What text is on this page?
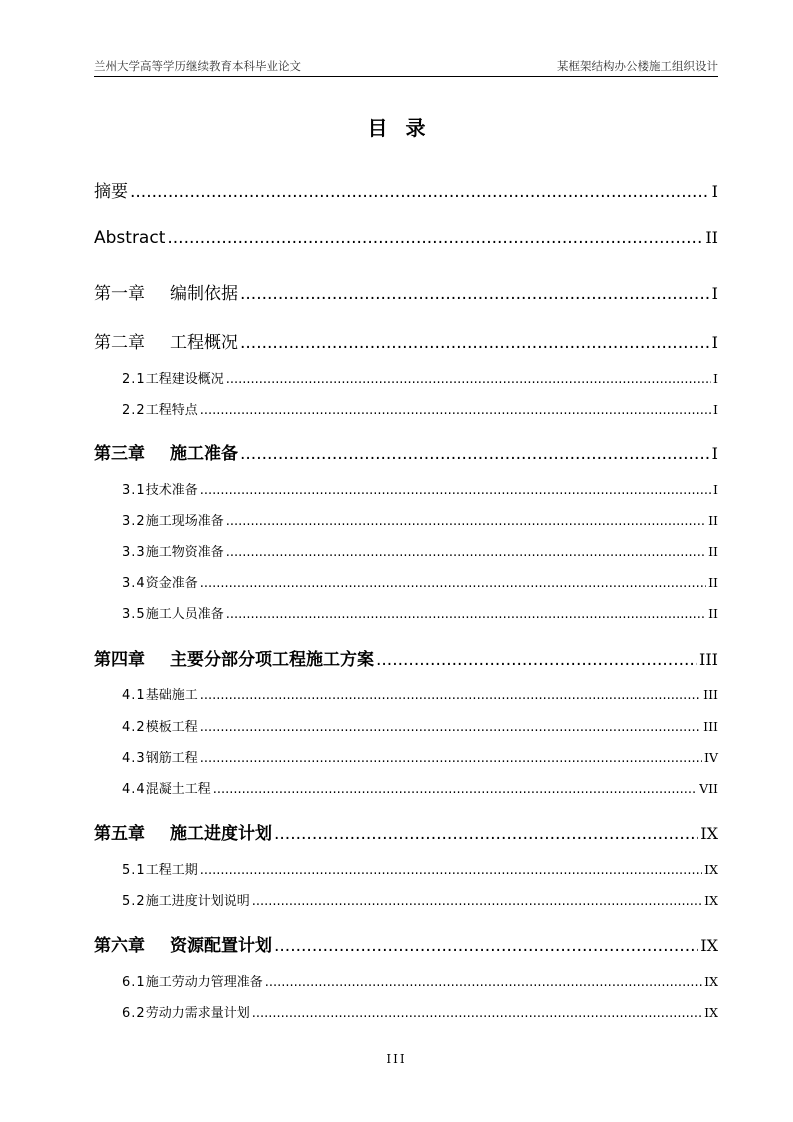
兰州大学高等学历继续教育本科毕业论文	某框架结构办公楼施工组织设计
目录
摘要 .....	I
Abstract .....	II
第一章	编制依据 .....	I
第二章	工程概况 .....	I
2.1 工程建设概况 .....	I
2.2 工程特点 .....	I
第三章	施工准备 .....	I
3.1 技术准备 .....	I
3.2 施工现场准备 .....	II
3.3 施工物资准备 .....	II
3.4 资金准备 .....	II
3.5 施工人员准备 .....	II
第四章	主要分部分项工程施工方案 .....	III
4.1 基础施工 .....	III
4.2 模板工程 .....	III
4.3 钢筋工程 .....	IV
4.4 混凝土工程 .....	VII
第五章	施工进度计划 .....	IX
5.1 工程工期 .....	IX
5.2 施工进度计划说明 .....	IX
第六章	资源配置计划 .....	IX
6.1 施工劳动力管理准备 .....	IX
6.2 劳动力需求量计划 .....	IX
III
